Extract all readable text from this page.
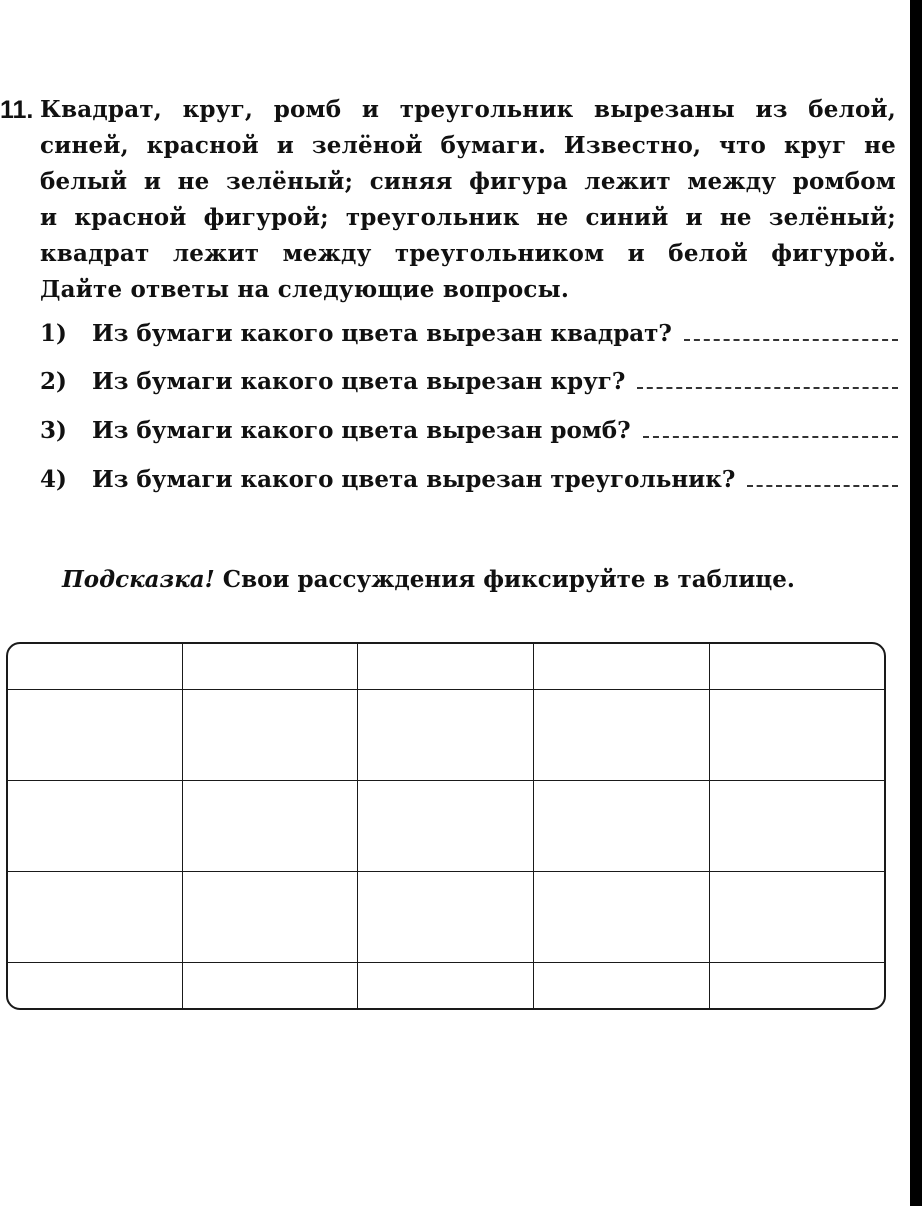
11. Квадрат, круг, ромб и треугольник вырезаны из белой,
синей, красной и зелёной бумаги. Известно, что круг не
белый и не зелёный; синяя фигура лежит между ромбом
и красной фигурой; треугольник не синий и не зелёный;
квадрат лежит между треугольником и белой фигурой.
Дайте ответы на следующие вопросы.
1)	Из бумаги какого цвета вырезан квадрат?
2)	Из бумаги какого цвета вырезан круг?
3)	Из бумаги какого цвета вырезан ромб?
4)	Из бумаги какого цвета вырезан треугольник?
Подсказка! Свои рассуждения фиксируйте в таблице.
